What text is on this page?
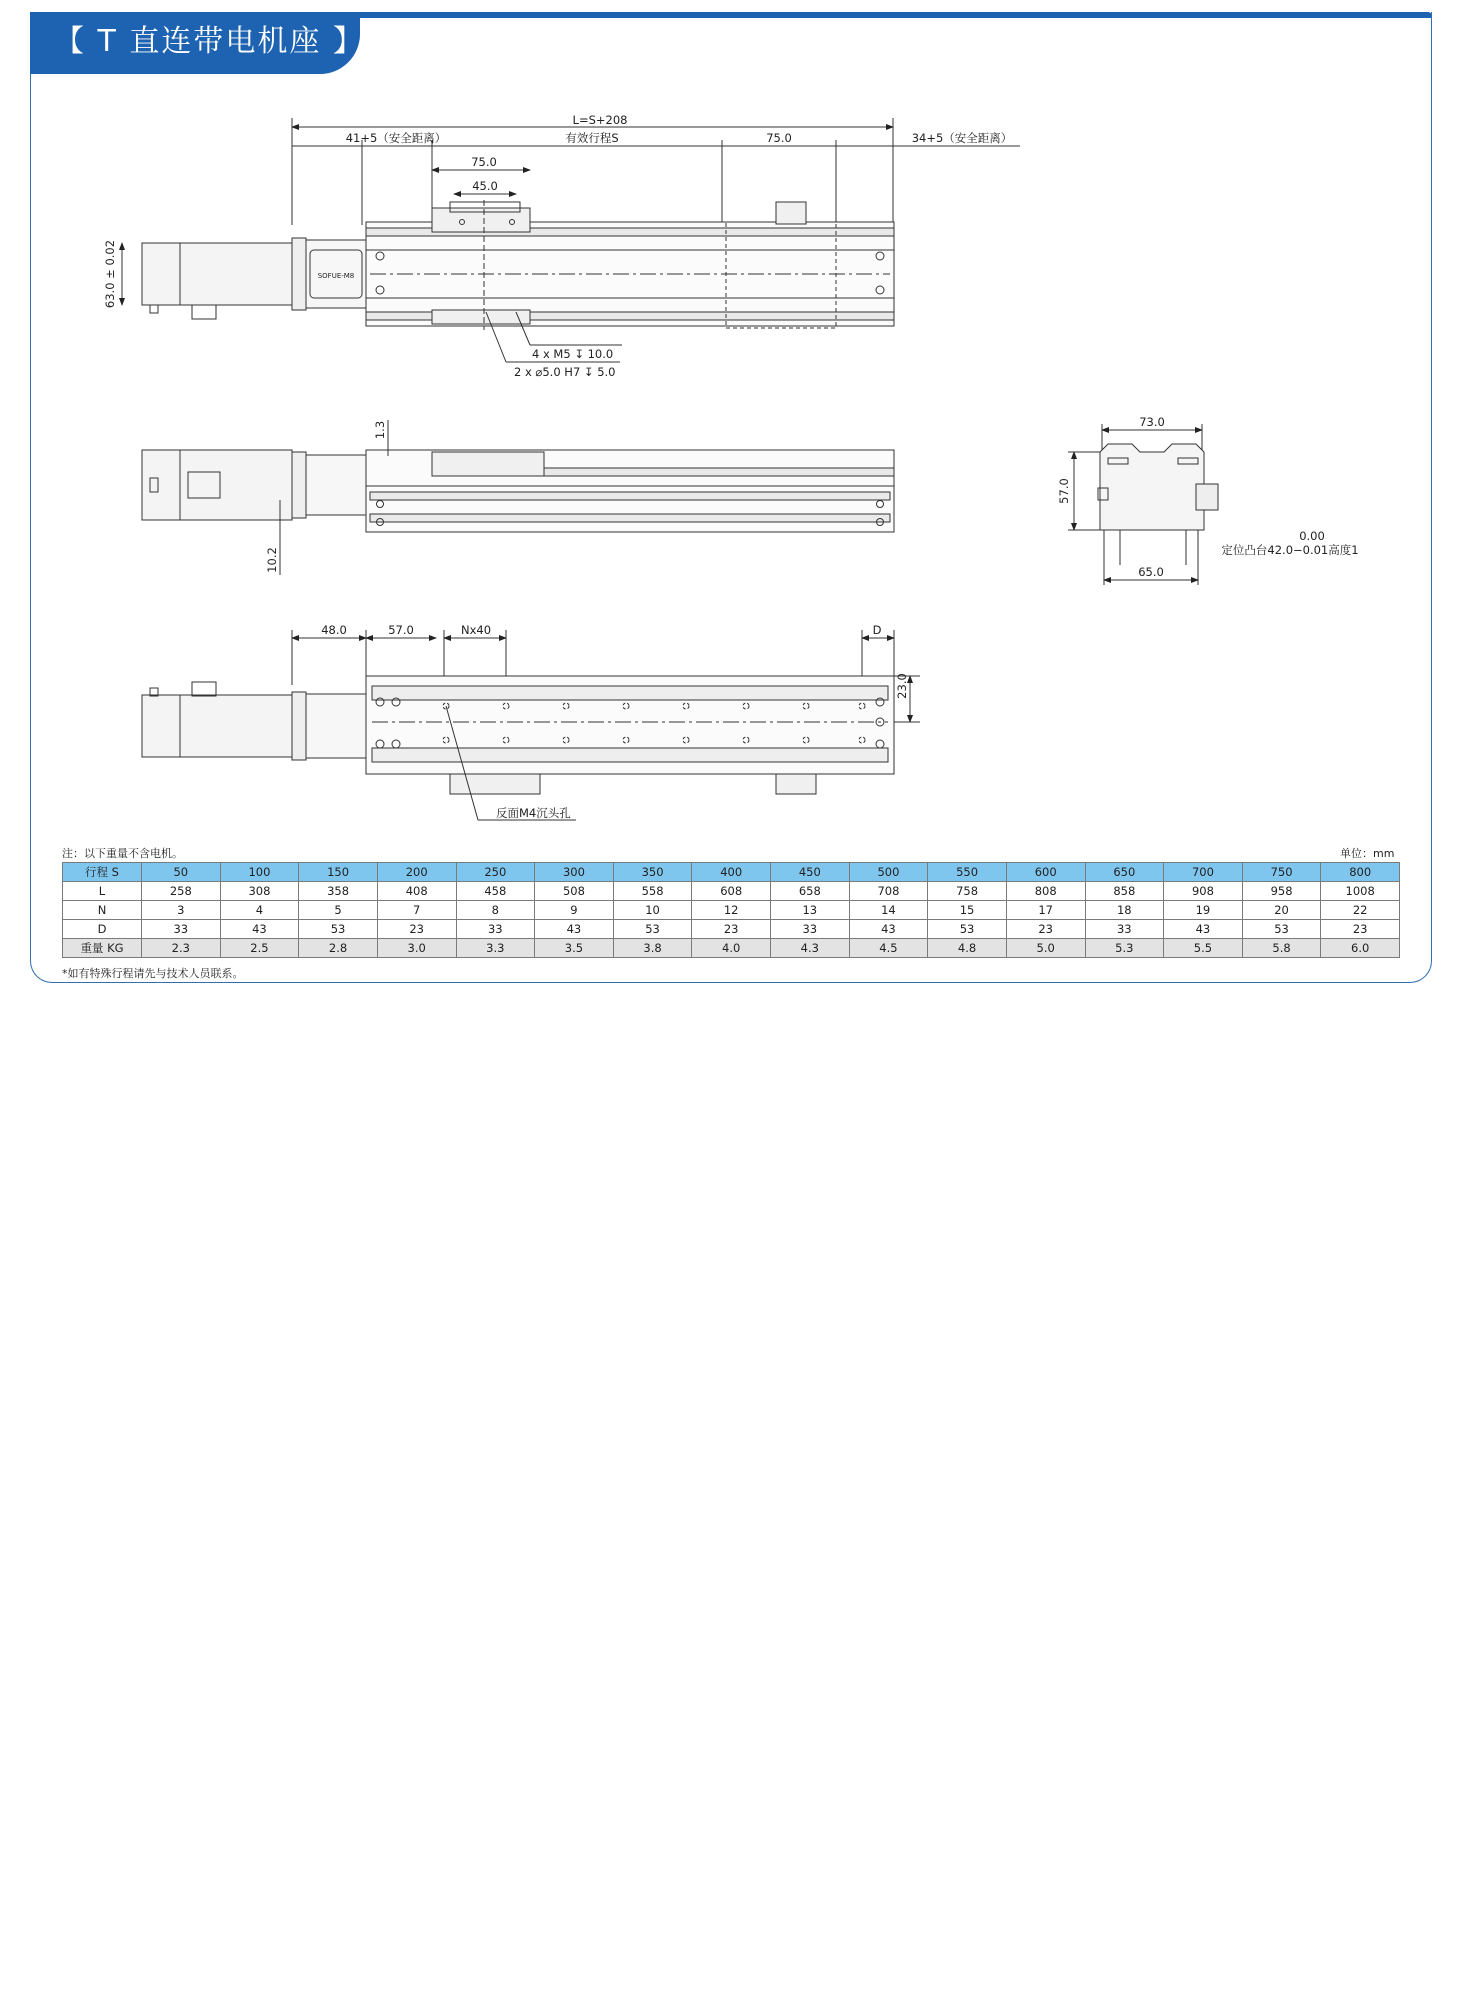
【 T 直连带电机座 】
L=S+208
41+5（安全距离）	有效行程S	34+5（安全距离）
75.0
75.0
45.0
63.0 ± 0.02
4 x M5 ↧ 10.0
2 x ⌀5.0 H7 ↧ 5.0
SOFUE-M8
1.3
10.2
73.0
57.0
65.0
0.00
定位凸台42.0−0.01高度1
48.0	57.0	Nx40	D
23.0
反面M4沉头孔
注：以下重量不含电机。	单位：mm
行程 S	50	100	150	200	250	300	350	400	450	500	550	600	650	700	750	800
L	258	308	358	408	458	508	558	608	658	708	758	808	858	908	958	1008
N	3	4	5	7	8	9	10	12	13	14	15	17	18	19	20	22
D	33	43	53	23	33	43	53	23	33	43	53	23	33	43	53	23
重量 KG	2.3	2.5	2.8	3.0	3.3	3.5	3.8	4.0	4.3	4.5	4.8	5.0	5.3	5.5	5.8	6.0
*如有特殊行程请先与技术人员联系。
